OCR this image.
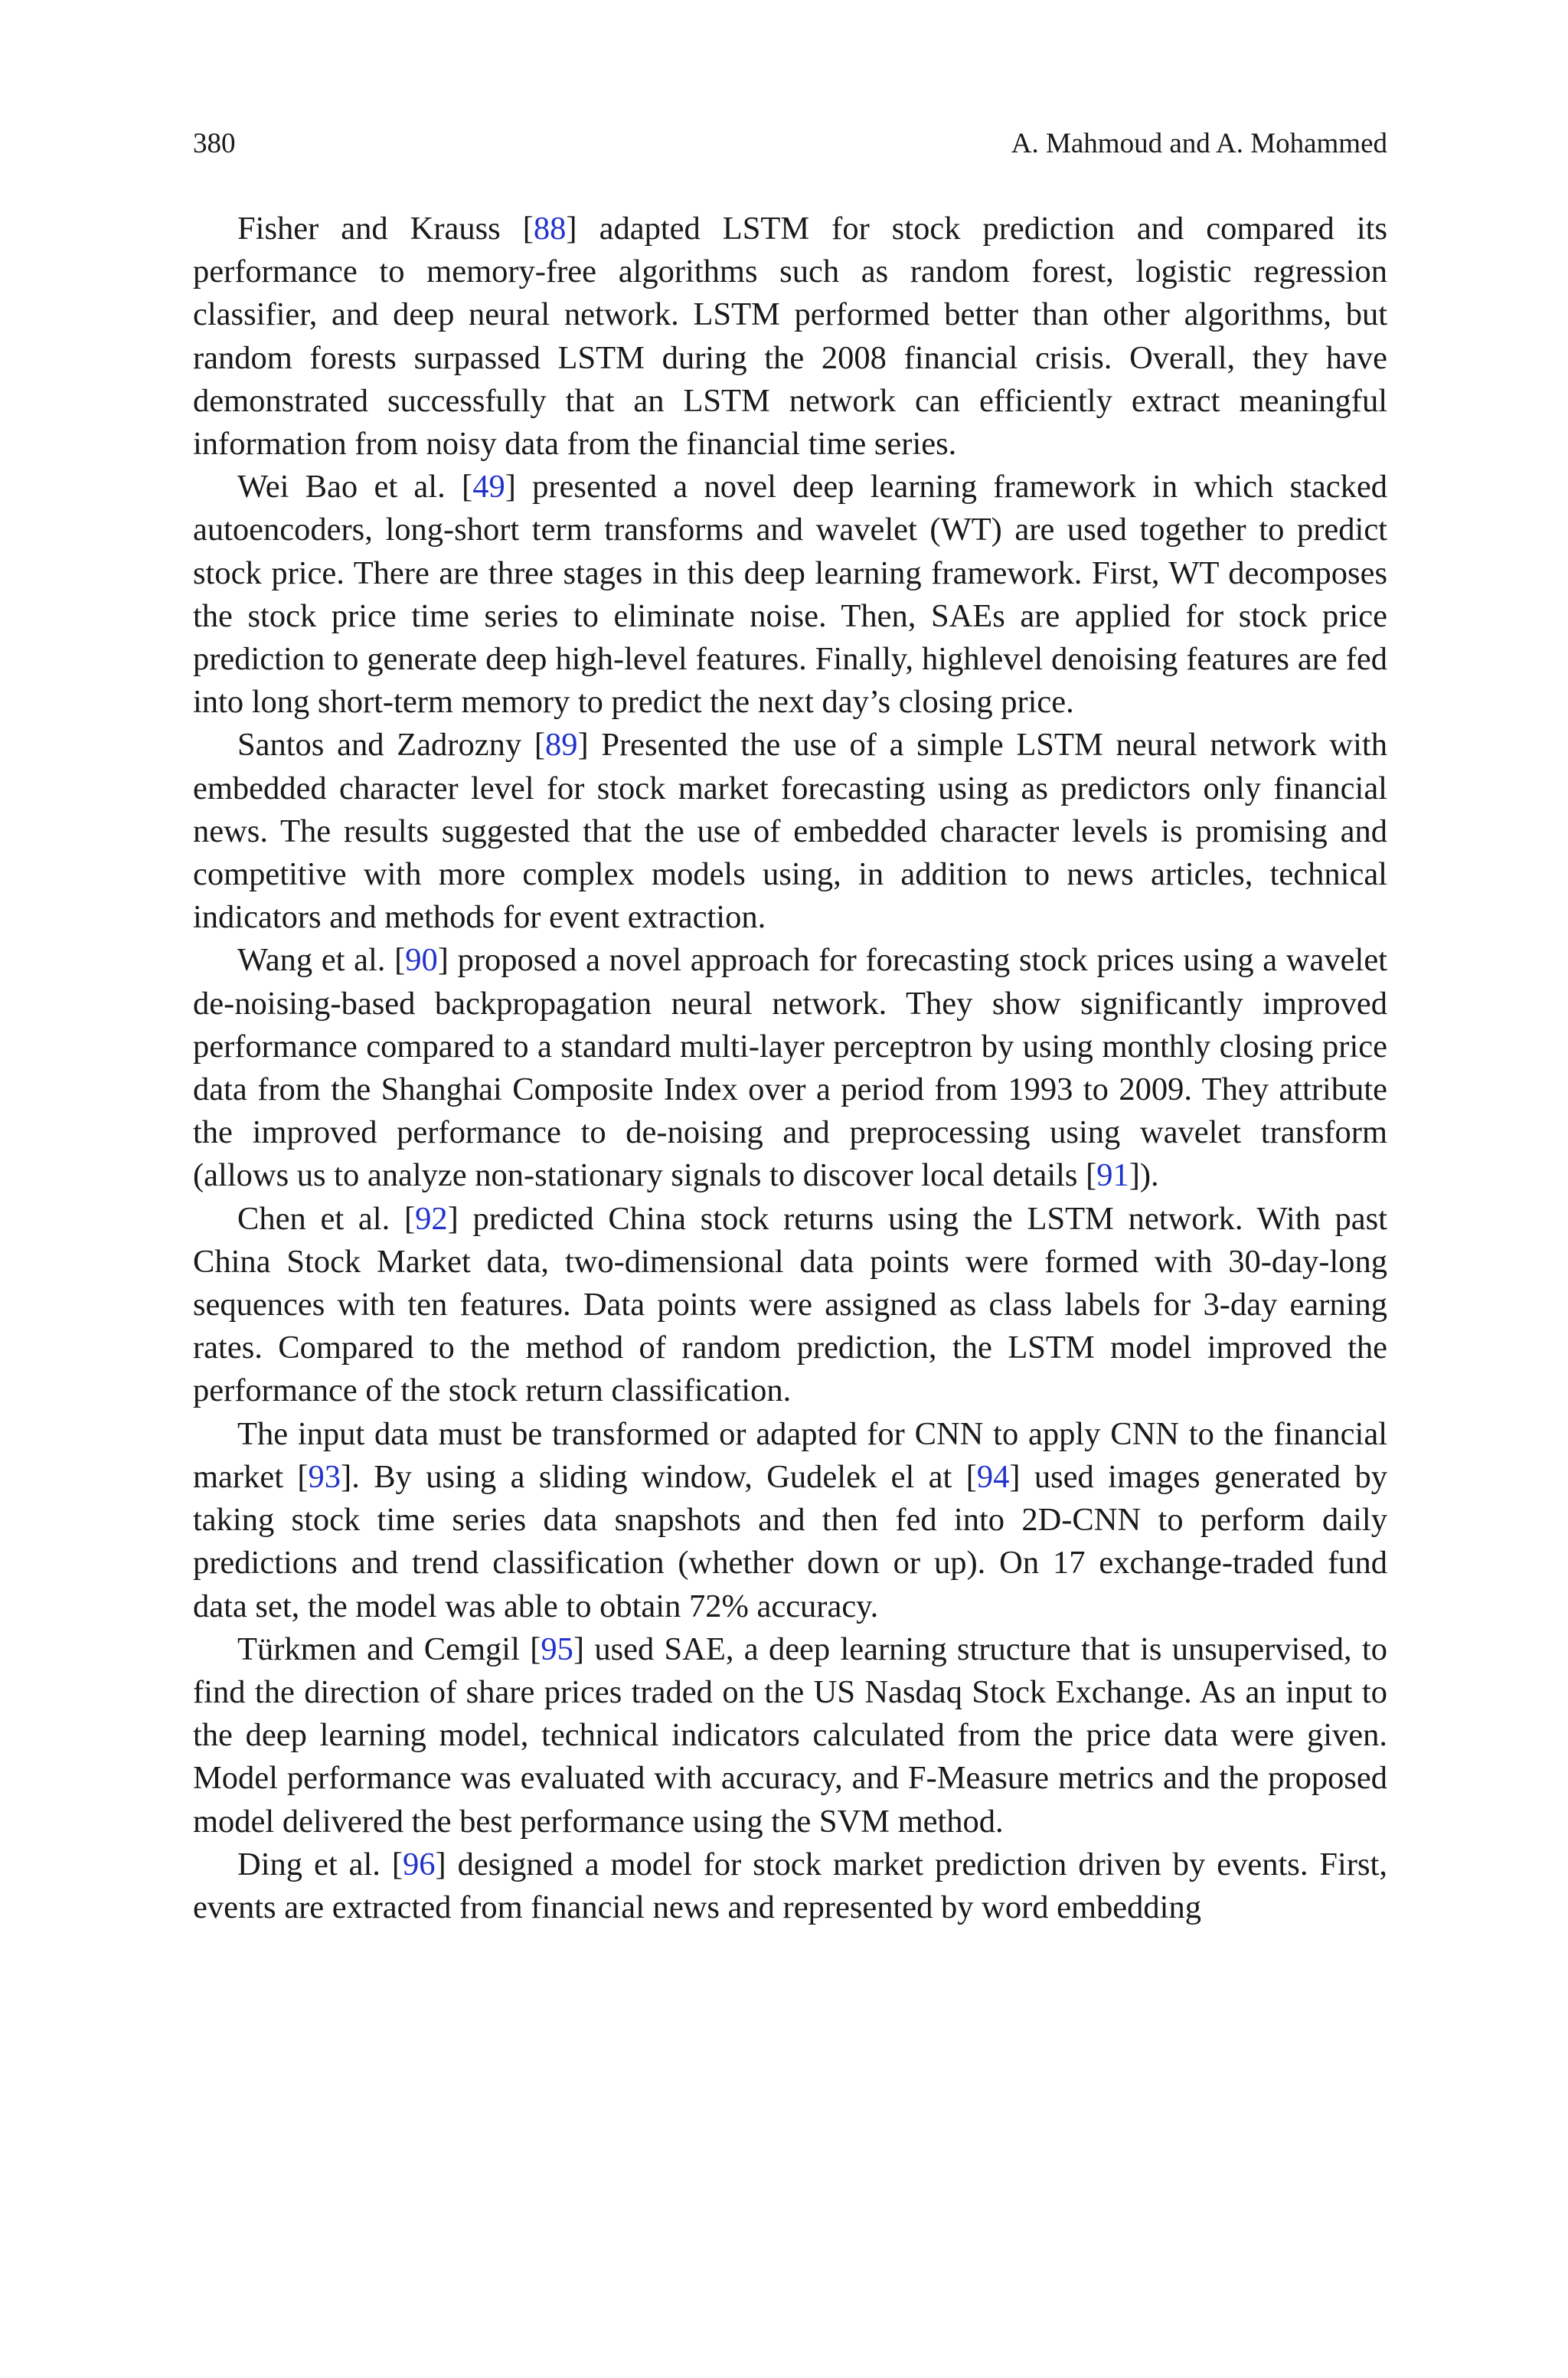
380	A. Mahmoud and A. Mohammed

Fisher and Krauss [88] adapted LSTM for stock prediction and compared its performance to memory-free algorithms such as random forest, logistic regression classifier, and deep neural network. LSTM performed better than other algorithms, but random forests surpassed LSTM during the 2008 financial crisis. Overall, they have demonstrated successfully that an LSTM network can efficiently extract meaningful information from noisy data from the financial time series.

Wei Bao et al. [49] presented a novel deep learning framework in which stacked autoencoders, long-short term transforms and wavelet (WT) are used together to predict stock price. There are three stages in this deep learning framework. First, WT decomposes the stock price time series to eliminate noise. Then, SAEs are applied for stock price prediction to generate deep high-level features. Finally, highlevel denoising features are fed into long short-term memory to predict the next day’s closing price.

Santos and Zadrozny [89] Presented the use of a simple LSTM neural network with embedded character level for stock market forecasting using as predictors only financial news. The results suggested that the use of embedded character levels is promising and competitive with more complex models using, in addition to news articles, technical indicators and methods for event extraction.

Wang et al. [90] proposed a novel approach for forecasting stock prices using a wavelet de-noising-based backpropagation neural network. They show significantly improved performance compared to a standard multi-layer perceptron by using monthly closing price data from the Shanghai Composite Index over a period from 1993 to 2009. They attribute the improved performance to de-noising and preprocessing using wavelet transform (allows us to analyze non-stationary signals to discover local details [91]).

Chen et al. [92] predicted China stock returns using the LSTM network. With past China Stock Market data, two-dimensional data points were formed with 30-​day-long sequences with ten features. Data points were assigned as class labels for 3-day earning rates. Compared to the method of random prediction, the LSTM model improved the performance of the stock return classification.

The input data must be transformed or adapted for CNN to apply CNN to the financial market [93]. By using a sliding window, Gudelek el at [94] used images generated by taking stock time series data snapshots and then fed into 2D-CNN to perform daily predictions and trend classification (whether down or up). On 17 exchange-traded fund data set, the model was able to obtain 72% accuracy.

Türkmen and Cemgil [95] used SAE, a deep learning structure that is unsupervised, to find the direction of share prices traded on the US Nasdaq Stock Exchange. As an input to the deep learning model, technical indicators calculated from the price data were given. Model performance was evaluated with accuracy, and F-Measure metrics and the proposed model delivered the best performance using the SVM method.

Ding et al. [96] designed a model for stock market prediction driven by events. First, events are extracted from financial news and represented by word embedding
